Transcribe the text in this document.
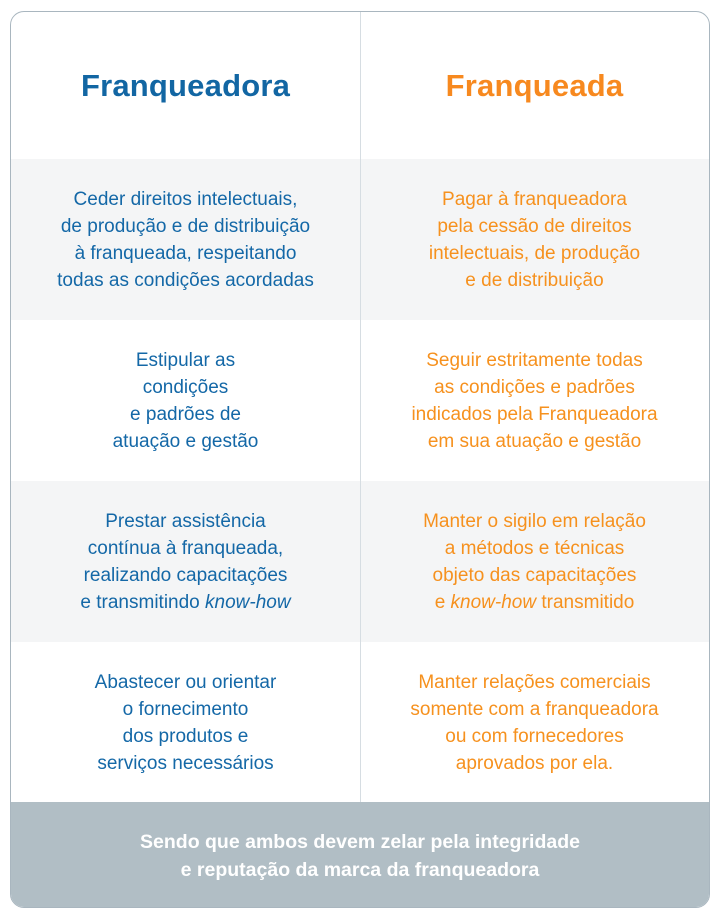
Franqueadora	Franqueada
Ceder direitos intelectuais,
de produção e de distribuição
à franqueada, respeitando
todas as condições acordadas
Pagar à franqueadora
pela cessão de direitos
intelectuais, de produção
e de distribuição
Estipular as
condições
e padrões de
atuação e gestão
Seguir estritamente todas
as condições e padrões
indicados pela Franqueadora
em sua atuação e gestão
Prestar assistência
contínua à franqueada,
realizando capacitações
e transmitindo know-how
Manter o sigilo em relação
a métodos e técnicas
objeto das capacitações
e know-how transmitido
Abastecer ou orientar
o fornecimento
dos produtos e
serviços necessários
Manter relações comerciais
somente com a franqueadora
ou com fornecedores
aprovados por ela.
Sendo que ambos devem zelar pela integridade
e reputação da marca da franqueadora
